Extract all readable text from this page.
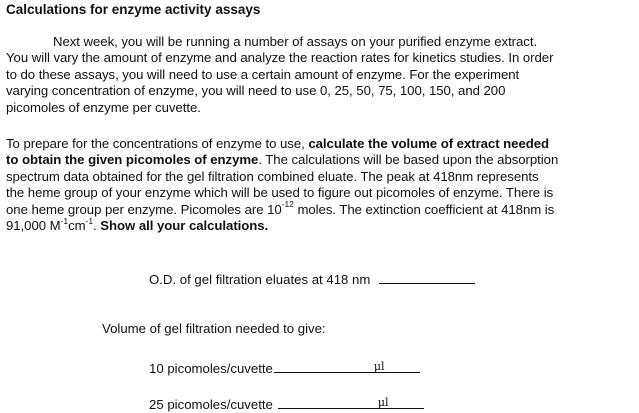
Calculations for enzyme activity assays
Next week, you will be running a number of assays on your purified enzyme extract.
You will vary the amount of enzyme and analyze the reaction rates for kinetics studies. In order
to do these assays, you will need to use a certain amount of enzyme. For the experiment
varying concentration of enzyme, you will need to use 0, 25, 50, 75, 100, 150, and 200
picomoles of enzyme per cuvette.
To prepare for the concentrations of enzyme to use, calculate the volume of extract needed
to obtain the given picomoles of enzyme. The calculations will be based upon the absorption
spectrum data obtained for the gel filtration combined eluate. The peak at 418nm represents
the heme group of your enzyme which will be used to figure out picomoles of enzyme. There is
one heme group per enzyme. Picomoles are $10^{-12}$ moles. The extinction coefficient at 418nm is
91,000 $M^{-1}cm^{-1}$. Show all your calculations.
O.D. of gel filtration eluates at 418 nm
Volume of gel filtration needed to give:
10 picomoles/cuvette	µl
25 picomoles/cuvette	µl
